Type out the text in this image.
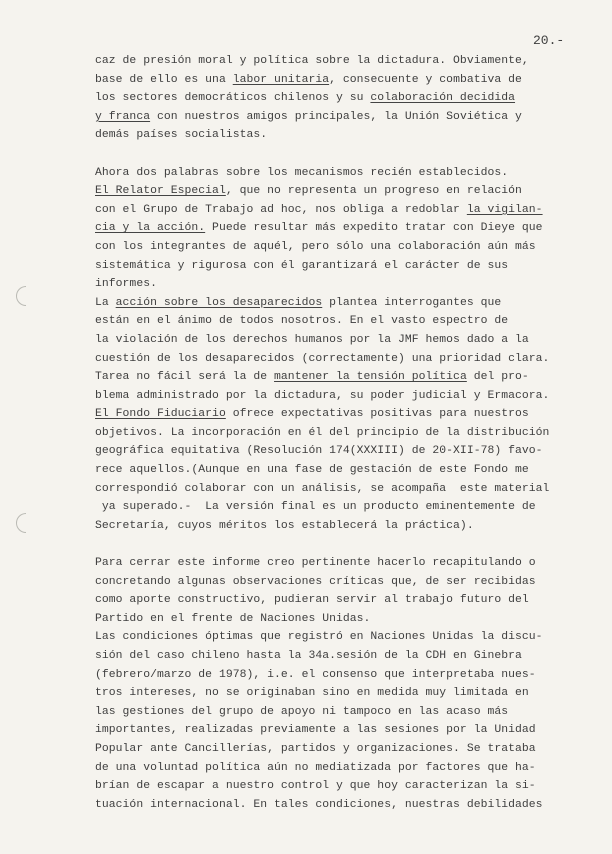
20.-
caz de presión moral y política sobre la dictadura. Obviamente,
base de ello es una labor unitaria, consecuente y combativa de
los sectores democráticos chilenos y su colaboración decidida
y franca con nuestros amigos principales, la Unión Soviética y
demás países socialistas.
Ahora dos palabras sobre los mecanismos recién establecidos.
El Relator Especial, que no representa un progreso en relación
con el Grupo de Trabajo ad hoc, nos obliga a redoblar la vigilan-
cia y la acción. Puede resultar más expedito tratar con Dieye que
con los integrantes de aquél, pero sólo una colaboración aún más
sistemática y rigurosa con él garantizará el carácter de sus
informes.
La acción sobre los desaparecidos plantea interrogantes que
están en el ánimo de todos nosotros. En el vasto espectro de
la violación de los derechos humanos por la JMF hemos dado a la
cuestión de los desaparecidos (correctamente) una prioridad clara.
Tarea no fácil será la de mantener la tensión política del pro-
blema administrado por la dictadura, su poder judicial y Ermacora.
El Fondo Fiduciario ofrece expectativas positivas para nuestros
objetivos. La incorporación en él del principio de la distribución
geográfica equitativa (Resolución 174(XXXIII) de 20-XII-78) favo-
rece aquellos.(Aunque en una fase de gestación de este Fondo me
correspondió colaborar con un análisis, se acompaña  este material
ya superado.-  La versión final es un producto eminentemente de
Secretaría, cuyos méritos los establecerá la práctica).
Para cerrar este informe creo pertinente hacerlo recapitulando o
concretando algunas observaciones críticas que, de ser recibidas
como aporte constructivo, pudieran servir al trabajo futuro del
Partido en el frente de Naciones Unidas.
Las condiciones óptimas que registró en Naciones Unidas la discu-
sión del caso chileno hasta la 34a.sesión de la CDH en Ginebra
(febrero/marzo de 1978), i.e. el consenso que interpretaba nues-
tros intereses, no se originaban sino en medida muy limitada en
las gestiones del grupo de apoyo ni tampoco en las acaso más
importantes, realizadas previamente a las sesiones por la Unidad
Popular ante Cancillerías, partidos y organizaciones. Se trataba
de una voluntad política aún no mediatizada por factores que ha-
brían de escapar a nuestro control y que hoy caracterizan la si-
tuación internacional. En tales condiciones, nuestras debilidades
